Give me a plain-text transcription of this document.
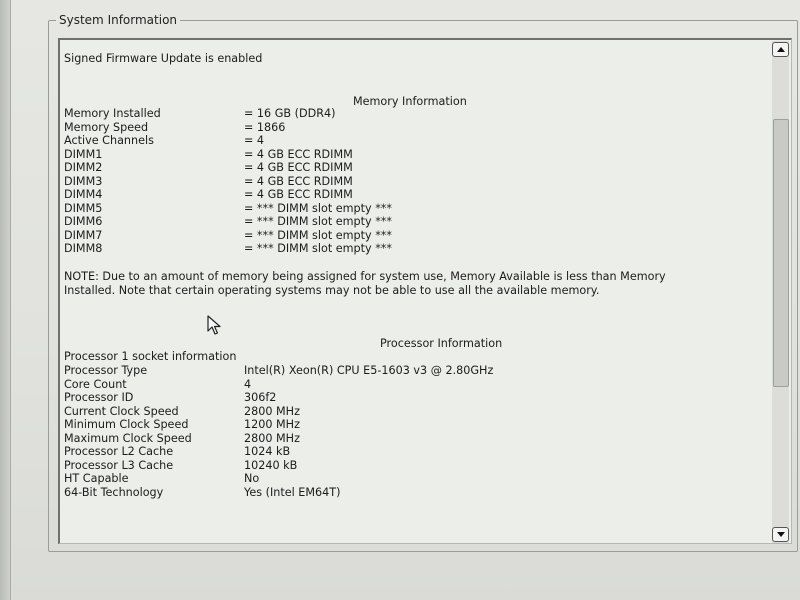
System Information
Signed Firmware Update is enabled
Memory Information
Memory Installed	= 16 GB (DDR4)
Memory Speed	= 1866
Active Channels	= 4
DIMM1	= 4 GB ECC RDIMM
DIMM2	= 4 GB ECC RDIMM
DIMM3	= 4 GB ECC RDIMM
DIMM4	= 4 GB ECC RDIMM
DIMM5	= *** DIMM slot empty ***
DIMM6	= *** DIMM slot empty ***
DIMM7	= *** DIMM slot empty ***
DIMM8	= *** DIMM slot empty ***
NOTE: Due to an amount of memory being assigned for system use, Memory Available is less than Memory Installed. Note that certain operating systems may not be able to use all the available memory.
Processor Information
Processor 1 socket information
Processor Type	Intel(R) Xeon(R) CPU E5-1603 v3 @ 2.80GHz
Core Count	4
Processor ID	306f2
Current Clock Speed	2800 MHz
Minimum Clock Speed	1200 MHz
Maximum Clock Speed	2800 MHz
Processor L2 Cache	1024 kB
Processor L3 Cache	10240 kB
HT Capable	No
64-Bit Technology	Yes (Intel EM64T)
